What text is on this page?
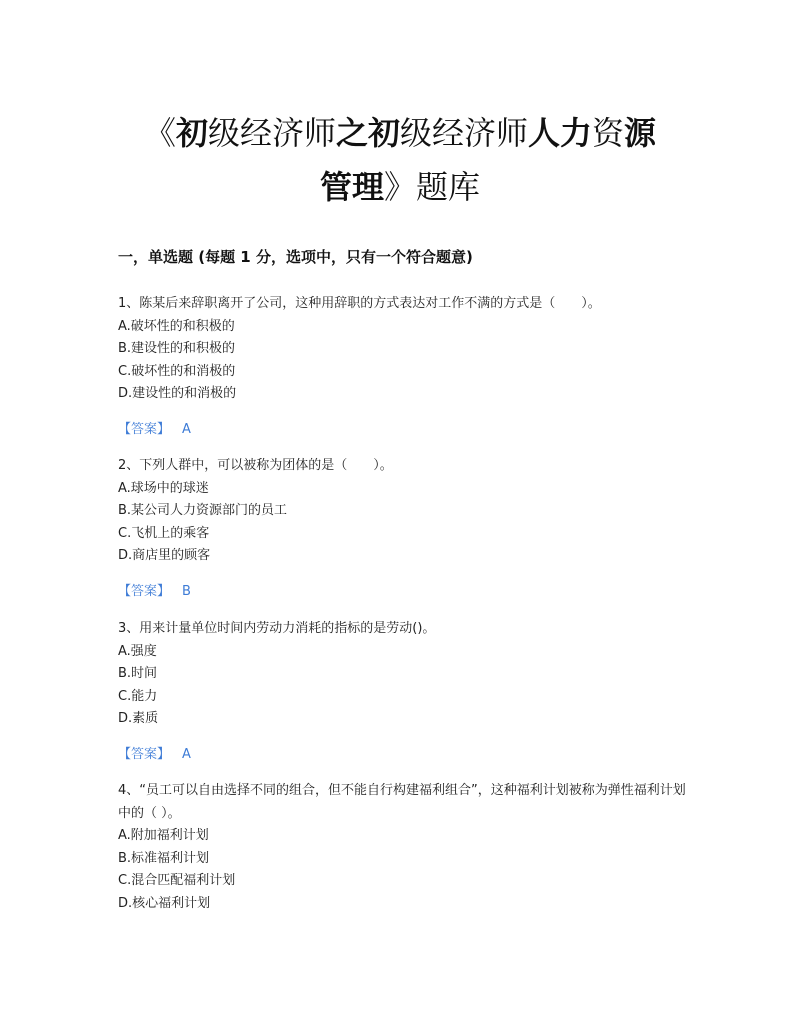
《初级经济师之初级经济师人力资源
管理》题库
一，单选题 (每题 1 分，选项中，只有一个符合题意)

1、陈某后来辞职离开了公司，这种用辞职的方式表达对工作不满的方式是（　　）。

A.破坏性的和积极的

B.建设性的和积极的

C.破坏性的和消极的

D.建设性的和消极的

【答案】 A

2、下列人群中，可以被称为团体的是（　　）。

A.球场中的球迷

B.某公司人力资源部门的员工

C.飞机上的乘客

D.商店里的顾客

【答案】 B

3、用来计量单位时间内劳动力消耗的指标的是劳动()。

A.强度

B.时间

C.能力

D.素质

【答案】 A

4、“员工可以自由选择不同的组合，但不能自行构建福利组合”，这种福利计划被称为弹性福利计划中的（ ）。

A.附加福利计划

B.标准福利计划

C.混合匹配福利计划

D.核心福利计划
